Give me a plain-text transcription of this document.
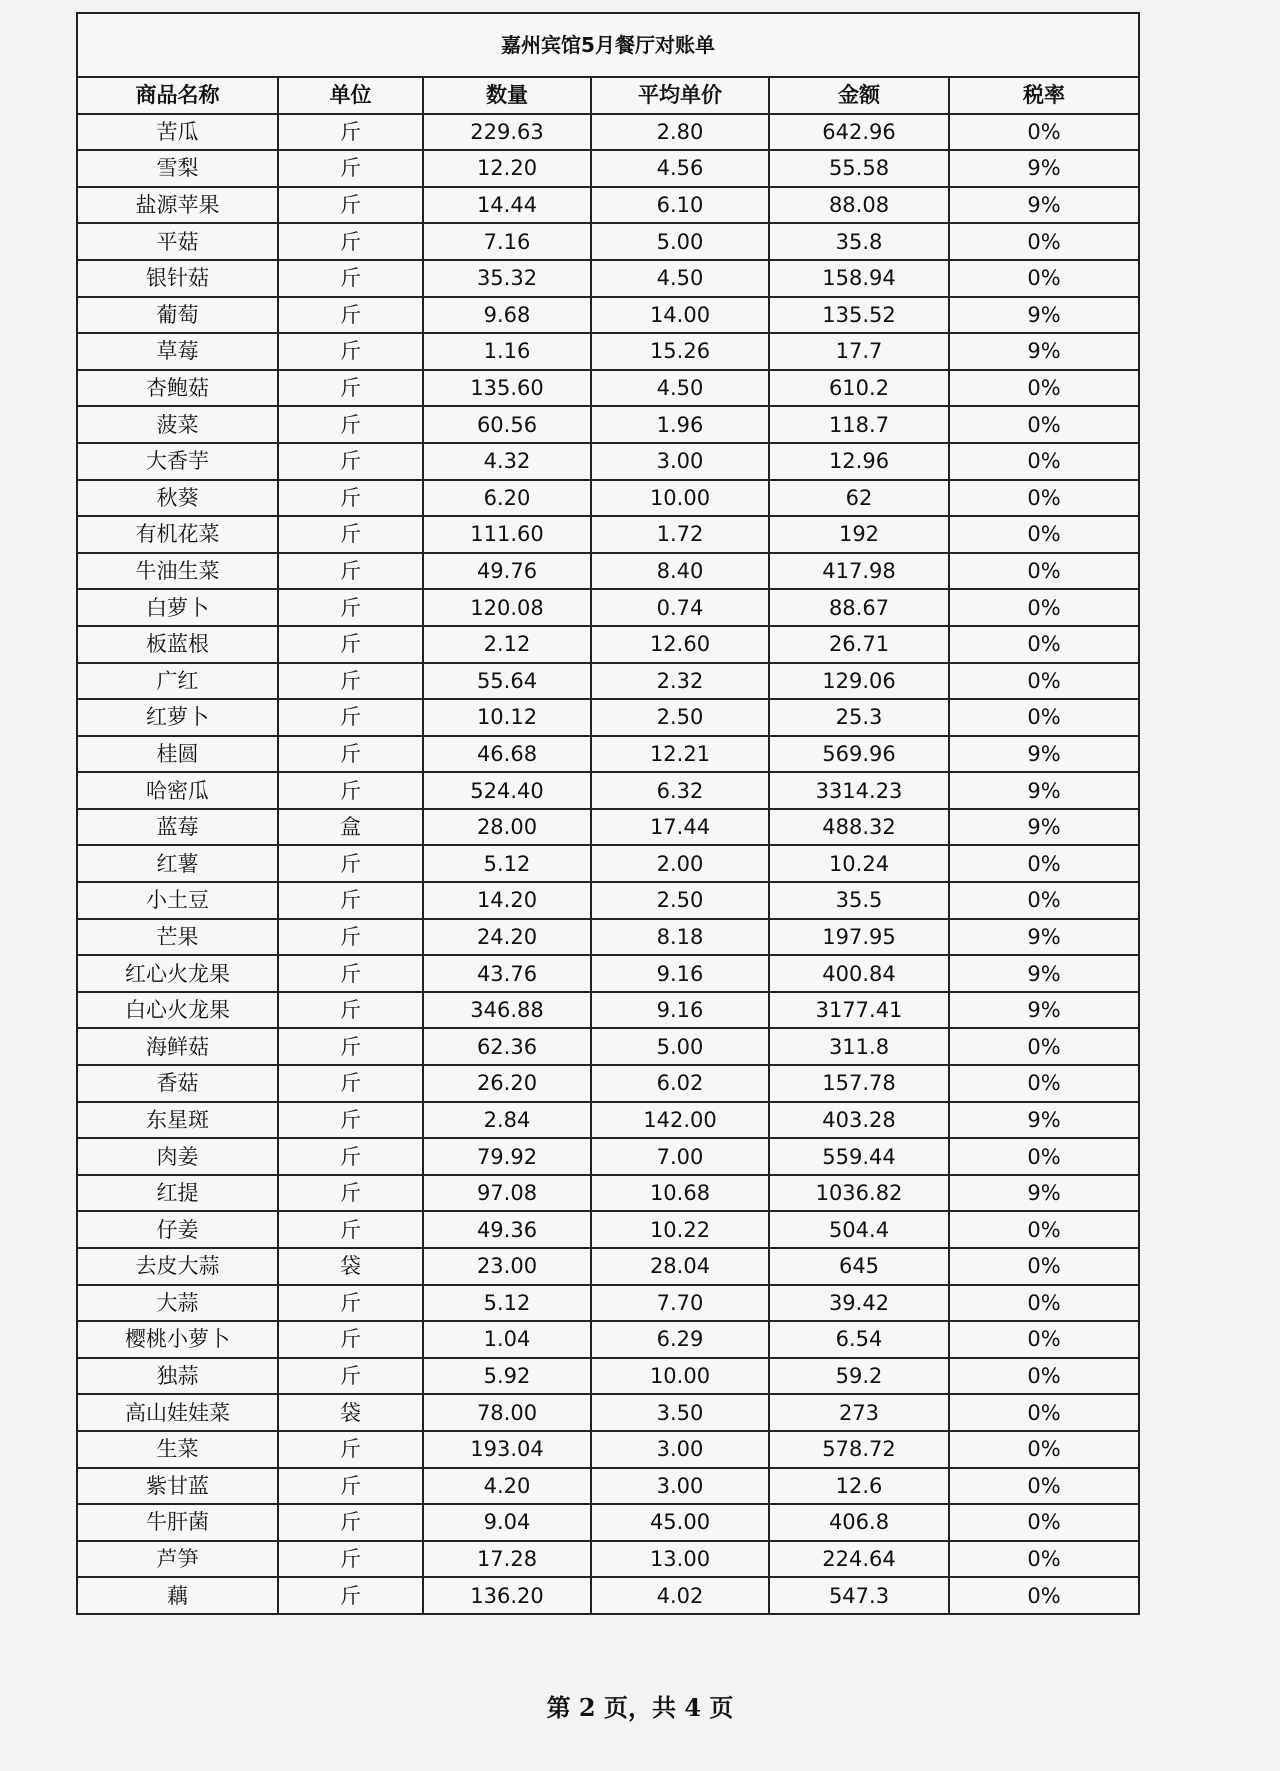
嘉州宾馆5月餐厅对账单
商品名称	单位	数量	平均单价	金额	税率
苦瓜	斤	229.63	2.80	642.96	0%
雪梨	斤	12.20	4.56	55.58	9%
盐源苹果	斤	14.44	6.10	88.08	9%
平菇	斤	7.16	5.00	35.8	0%
银针菇	斤	35.32	4.50	158.94	0%
葡萄	斤	9.68	14.00	135.52	9%
草莓	斤	1.16	15.26	17.7	9%
杏鲍菇	斤	135.60	4.50	610.2	0%
菠菜	斤	60.56	1.96	118.7	0%
大香芋	斤	4.32	3.00	12.96	0%
秋葵	斤	6.20	10.00	62	0%
有机花菜	斤	111.60	1.72	192	0%
牛油生菜	斤	49.76	8.40	417.98	0%
白萝卜	斤	120.08	0.74	88.67	0%
板蓝根	斤	2.12	12.60	26.71	0%
广红	斤	55.64	2.32	129.06	0%
红萝卜	斤	10.12	2.50	25.3	0%
桂圆	斤	46.68	12.21	569.96	9%
哈密瓜	斤	524.40	6.32	3314.23	9%
蓝莓	盒	28.00	17.44	488.32	9%
红薯	斤	5.12	2.00	10.24	0%
小土豆	斤	14.20	2.50	35.5	0%
芒果	斤	24.20	8.18	197.95	9%
红心火龙果	斤	43.76	9.16	400.84	9%
白心火龙果	斤	346.88	9.16	3177.41	9%
海鲜菇	斤	62.36	5.00	311.8	0%
香菇	斤	26.20	6.02	157.78	0%
东星斑	斤	2.84	142.00	403.28	9%
肉姜	斤	79.92	7.00	559.44	0%
红提	斤	97.08	10.68	1036.82	9%
仔姜	斤	49.36	10.22	504.4	0%
去皮大蒜	袋	23.00	28.04	645	0%
大蒜	斤	5.12	7.70	39.42	0%
樱桃小萝卜	斤	1.04	6.29	6.54	0%
独蒜	斤	5.92	10.00	59.2	0%
高山娃娃菜	袋	78.00	3.50	273	0%
生菜	斤	193.04	3.00	578.72	0%
紫甘蓝	斤	4.20	3.00	12.6	0%
牛肝菌	斤	9.04	45.00	406.8	0%
芦笋	斤	17.28	13.00	224.64	0%
藕	斤	136.20	4.02	547.3	0%
第 2 页，共 4 页
